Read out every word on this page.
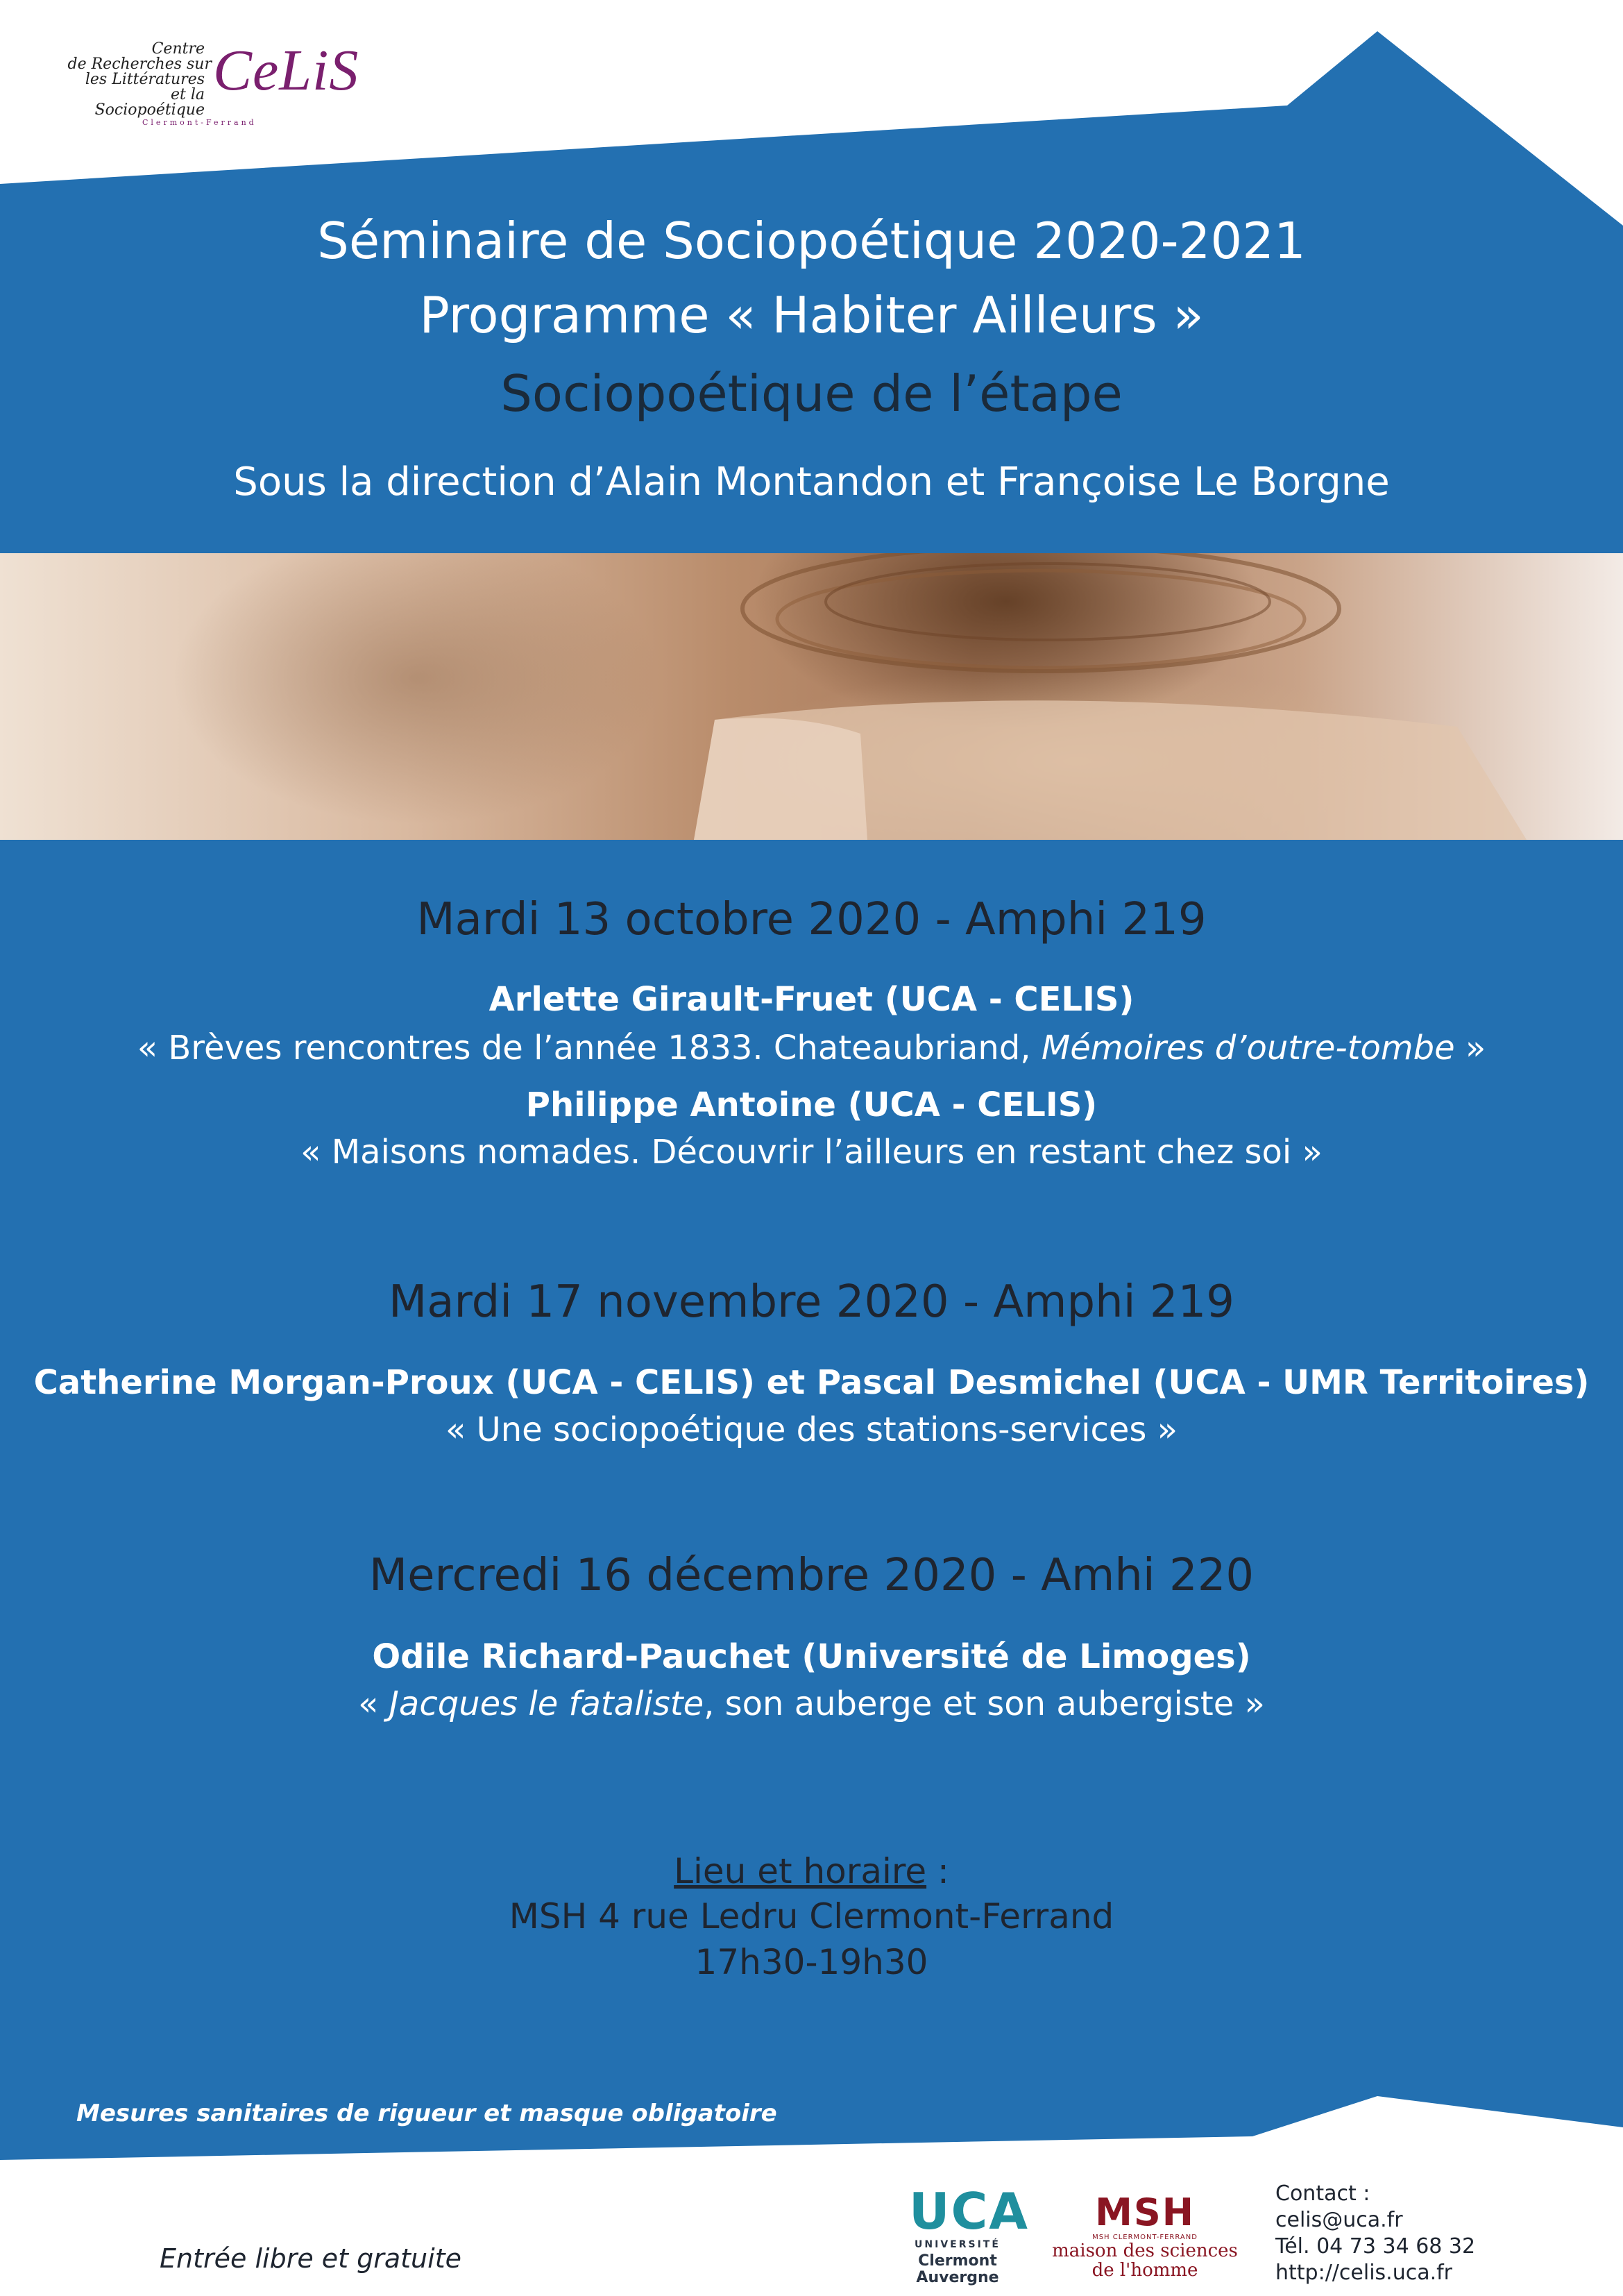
Centre
de Recherches sur
les Littératures
et la Sociopoétique
CeLiS
Clermont-Ferrand
Séminaire de Sociopoétique 2020-2021
Programme « Habiter Ailleurs »
Sociopoétique de l’étape
Sous la direction d’Alain Montandon et Françoise Le Borgne
Mardi 13 octobre 2020 - Amphi 219
Arlette Girault-Fruet (UCA - CELIS)
« Brèves rencontres de l’année 1833. Chateaubriand, Mémoires d’outre-tombe »
Philippe Antoine (UCA - CELIS)
« Maisons nomades. Découvrir l’ailleurs en restant chez soi »
Mardi 17 novembre 2020 - Amphi 219
Catherine Morgan-Proux (UCA - CELIS) et Pascal Desmichel (UCA - UMR Territoires)
« Une sociopoétique des stations-services »
Mercredi 16 décembre 2020 - Amhi 220
Odile Richard-Pauchet (Université de Limoges)
« Jacques le fataliste, son auberge et son aubergiste »
Lieu et horaire :
MSH 4 rue Ledru Clermont-Ferrand
17h30-19h30
Mesures sanitaires de rigueur et masque obligatoire
Entrée libre et gratuite
UCA
UNIVERSITÉ
Clermont
Auvergne
MSH
MSH CLERMONT-FERRAND
maison des sciences
de l'homme
Contact :
celis@uca.fr
Tél. 04 73 34 68 32
http://celis.uca.fr
